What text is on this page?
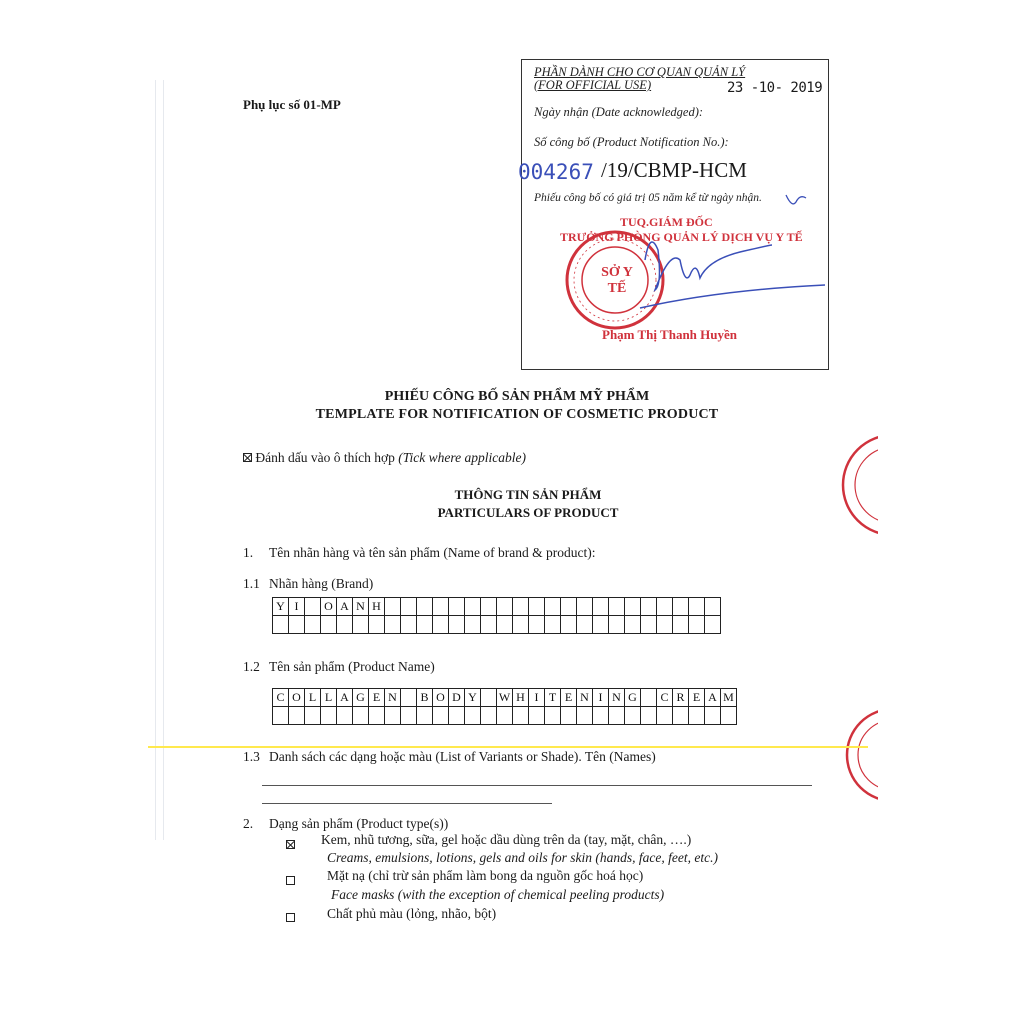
Phụ lục số 01-MP
PHẦN DÀNH CHO CƠ QUAN QUẢN LÝ
(FOR OFFICIAL USE)
Ngày nhận (Date acknowledged):
23 -10- 2019
Số công bố (Product Notification No.):
004267 /19/CBMP-HCM
Phiếu công bố có giá trị 05 năm kể từ ngày nhận.
TUQ.GIÁM ĐỐC
TRƯỞNG PHÒNG QUẢN LÝ DỊCH VỤ Y TẾ
Phạm Thị Thanh Huyền
SỞ Y TẾ
PHIẾU CÔNG BỐ SẢN PHẨM MỸ PHẨM
TEMPLATE FOR NOTIFICATION OF COSMETIC PRODUCT
Đánh dấu vào ô thích hợp (Tick where applicable)
THÔNG TIN SẢN PHẨM
PARTICULARS OF PRODUCT
1. Tên nhãn hàng và tên sản phẩm (Name of brand & product):
1.1 Nhãn hàng (Brand)
Y I	O A N H
1.2 Tên sản phẩm (Product Name)
C O L L A G E N	B O D Y	W H I T E N I N G	C R E A M
1.3 Danh sách các dạng hoặc màu (List of Variants or Shade). Tên (Names)
2. Dạng sản phẩm (Product type(s))
Kem, nhũ tương, sữa, gel hoặc dầu dùng trên da (tay, mặt, chân, ….)
Creams, emulsions, lotions, gels and oils for skin (hands, face, feet, etc.)
Mặt nạ (chỉ trừ sản phẩm làm bong da nguồn gốc hoá học)
Face masks (with the exception of chemical peeling products)
Chất phủ màu (lỏng, nhão, bột)
